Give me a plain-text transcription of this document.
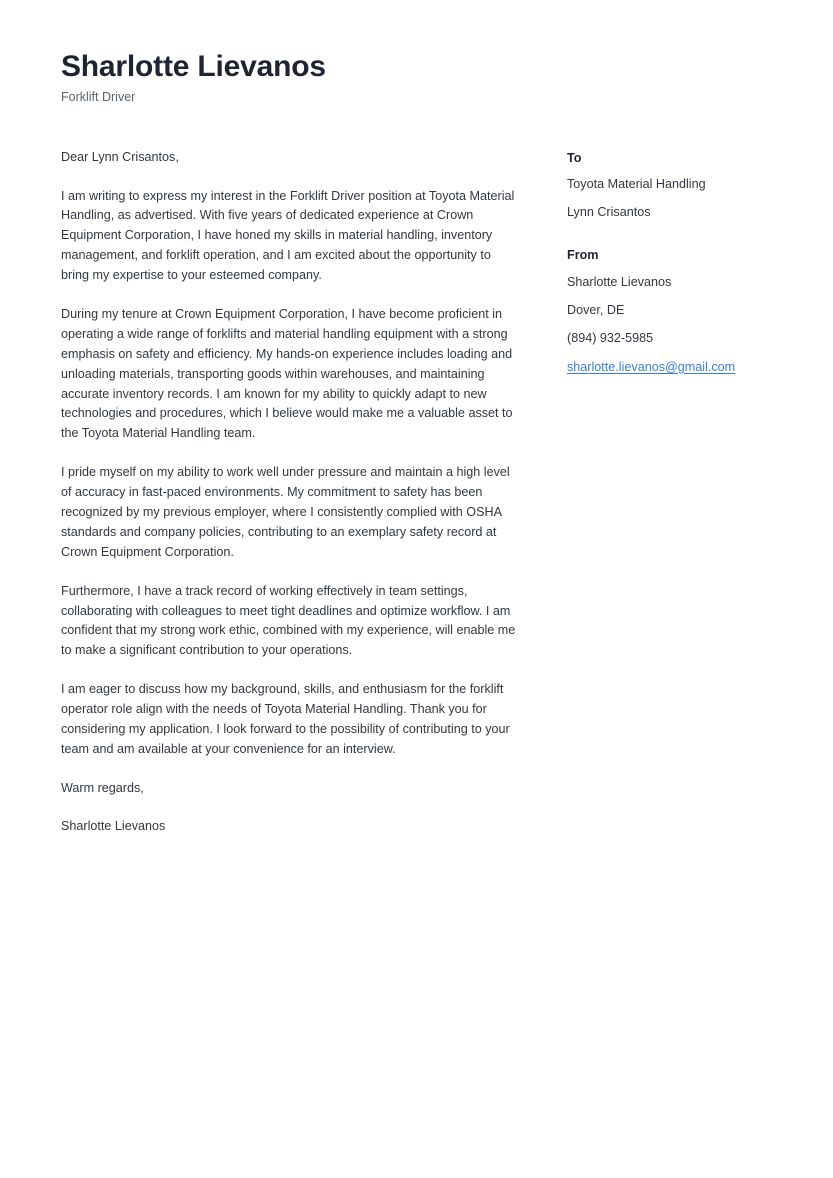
Sharlotte Lievanos
Forklift Driver

Dear Lynn Crisantos,

I am writing to express my interest in the Forklift Driver position at Toyota Material Handling, as advertised. With five years of dedicated experience at Crown Equipment Corporation, I have honed my skills in material handling, inventory management, and forklift operation, and I am excited about the opportunity to bring my expertise to your esteemed company.

During my tenure at Crown Equipment Corporation, I have become proficient in operating a wide range of forklifts and material handling equipment with a strong emphasis on safety and efficiency. My hands-on experience includes loading and unloading materials, transporting goods within warehouses, and maintaining accurate inventory records. I am known for my ability to quickly adapt to new technologies and procedures, which I believe would make me a valuable asset to the Toyota Material Handling team.

I pride myself on my ability to work well under pressure and maintain a high level of accuracy in fast-paced environments. My commitment to safety has been recognized by my previous employer, where I consistently complied with OSHA standards and company policies, contributing to an exemplary safety record at Crown Equipment Corporation.

Furthermore, I have a track record of working effectively in team settings, collaborating with colleagues to meet tight deadlines and optimize workflow. I am confident that my strong work ethic, combined with my experience, will enable me to make a significant contribution to your operations.

I am eager to discuss how my background, skills, and enthusiasm for the forklift operator role align with the needs of Toyota Material Handling. Thank you for considering my application. I look forward to the possibility of contributing to your team and am available at your convenience for an interview.

Warm regards,

Sharlotte Lievanos

To
Toyota Material Handling
Lynn Crisantos
From
Sharlotte Lievanos
Dover, DE
(894) 932-5985
sharlotte.lievanos@gmail.com
